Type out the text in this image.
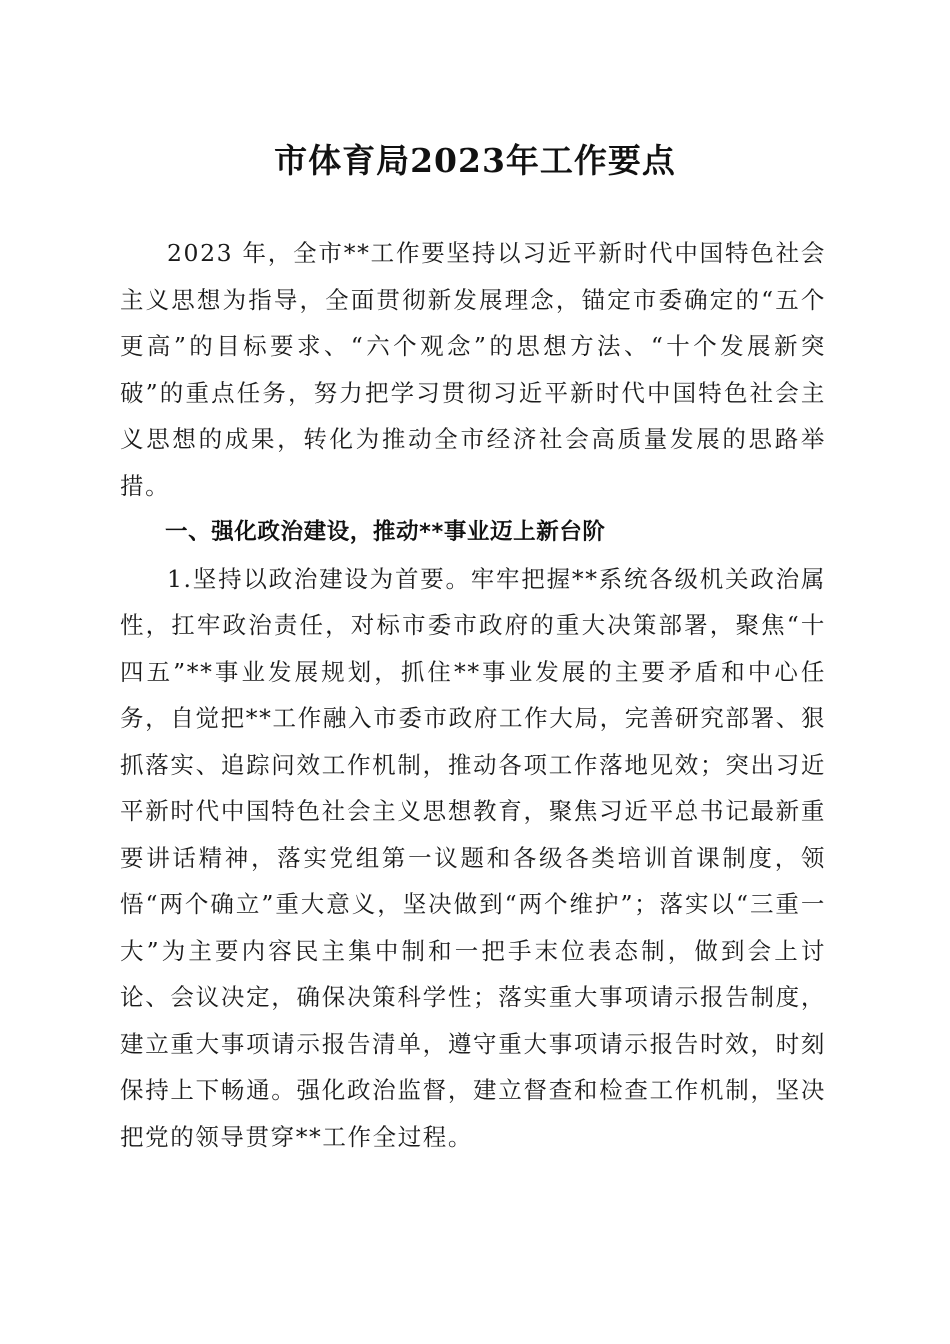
市体育局2023年工作要点

2023 年，全市**工作要坚持以习近平新时代中国特色社会主义思想为指导，全面贯彻新发展理念，锚定市委确定的“五个更高”的目标要求、“六个观念”的思想方法、“十个发展新突破”的重点任务，努力把学习贯彻习近平新时代中国特色社会主义思想的成果，转化为推动全市经济社会高质量发展的思路举措。

一、强化政治建设，推动**事业迈上新台阶

1.坚持以政治建设为首要。牢牢把握**系统各级机关政治属性，扛牢政治责任，对标市委市政府的重大决策部署，聚焦“十四五”**事业发展规划，抓住**事业发展的主要矛盾和中心任务，自觉把**工作融入市委市政府工作大局，完善研究部署、狠抓落实、追踪问效工作机制，推动各项工作落地见效；突出习近平新时代中国特色社会主义思想教育，聚焦习近平总书记最新重要讲话精神，落实党组第一议题和各级各类培训首课制度，领悟“两个确立”重大意义，坚决做到“两个维护”；落实以“三重一大”为主要内容民主集中制和一把手末位表态制，做到会上讨论、会议决定，确保决策科学性；落实重大事项请示报告制度，建立重大事项请示报告清单，遵守重大事项请示报告时效，时刻保持上下畅通。强化政治监督，建立督查和检查工作机制，坚决把党的领导贯穿**工作全过程。
